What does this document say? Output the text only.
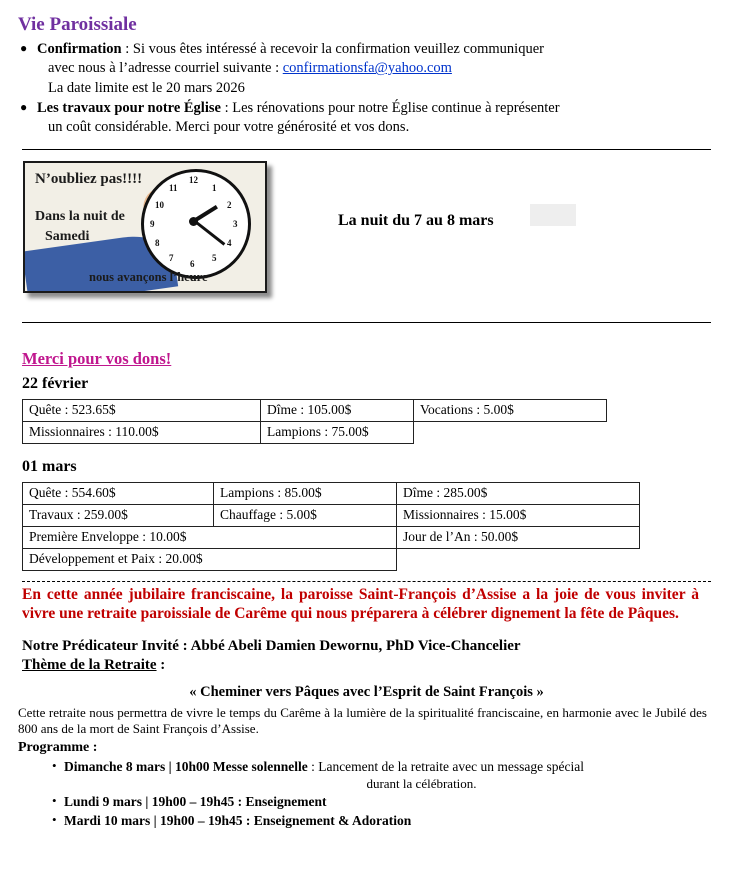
Vie Paroissiale
● Confirmation : Si vous êtes intéressé à recevoir la confirmation veuillez communiquer
avec nous à l’adresse courriel suivante : confirmationsfa@yahoo.com
La date limite est le 20 mars 2026
● Les travaux pour notre Église : Les rénovations pour notre Église continue à représenter
un coût considérable. Merci pour votre générosité et vos dons.
N’oubliez pas!!!!
Dans la nuit de
Samedi
12
1
2
3
4
5
6
7
8
9
10
11
nous avançons l’heure
La nuit du 7 au 8 mars
Merci pour vos dons!
22 février
Quête : 523.65$	Dîme : 105.00$	Vocations : 5.00$
Missionnaires : 110.00$	Lampions : 75.00$	
01 mars
Quête : 554.60$	Lampions : 85.00$	Dîme : 285.00$
Travaux : 259.00$	Chauffage : 5.00$	Missionnaires : 15.00$
Première Enveloppe : 10.00$		Jour de l’An : 50.00$
Développement et Paix : 20.00$		

En cette année jubilaire franciscaine, la paroisse Saint-François d’Assise a la joie de vous inviter à vivre une retraite paroissiale de Carême qui nous préparera à célébrer dignement la fête de Pâques.

Notre Prédicateur Invité : Abbé Abeli Damien Dewornu, PhD Vice-Chancelier

Thème de la Retraite :

« Cheminer vers Pâques avec l’Esprit de Saint François »

Cette retraite nous permettra de vivre le temps du Carême à la lumière de la spiritualité franciscaine, en harmonie avec le Jubilé des 800 ans de la mort de Saint François d’Assise.

Programme :

• Dimanche 8 mars | 10h00 Messe solennelle : Lancement de la retraite avec un message spécial
durant la célébration.
• Lundi 9 mars | 19h00 – 19h45 : Enseignement
• Mardi 10 mars | 19h00 – 19h45 : Enseignement & Adoration
